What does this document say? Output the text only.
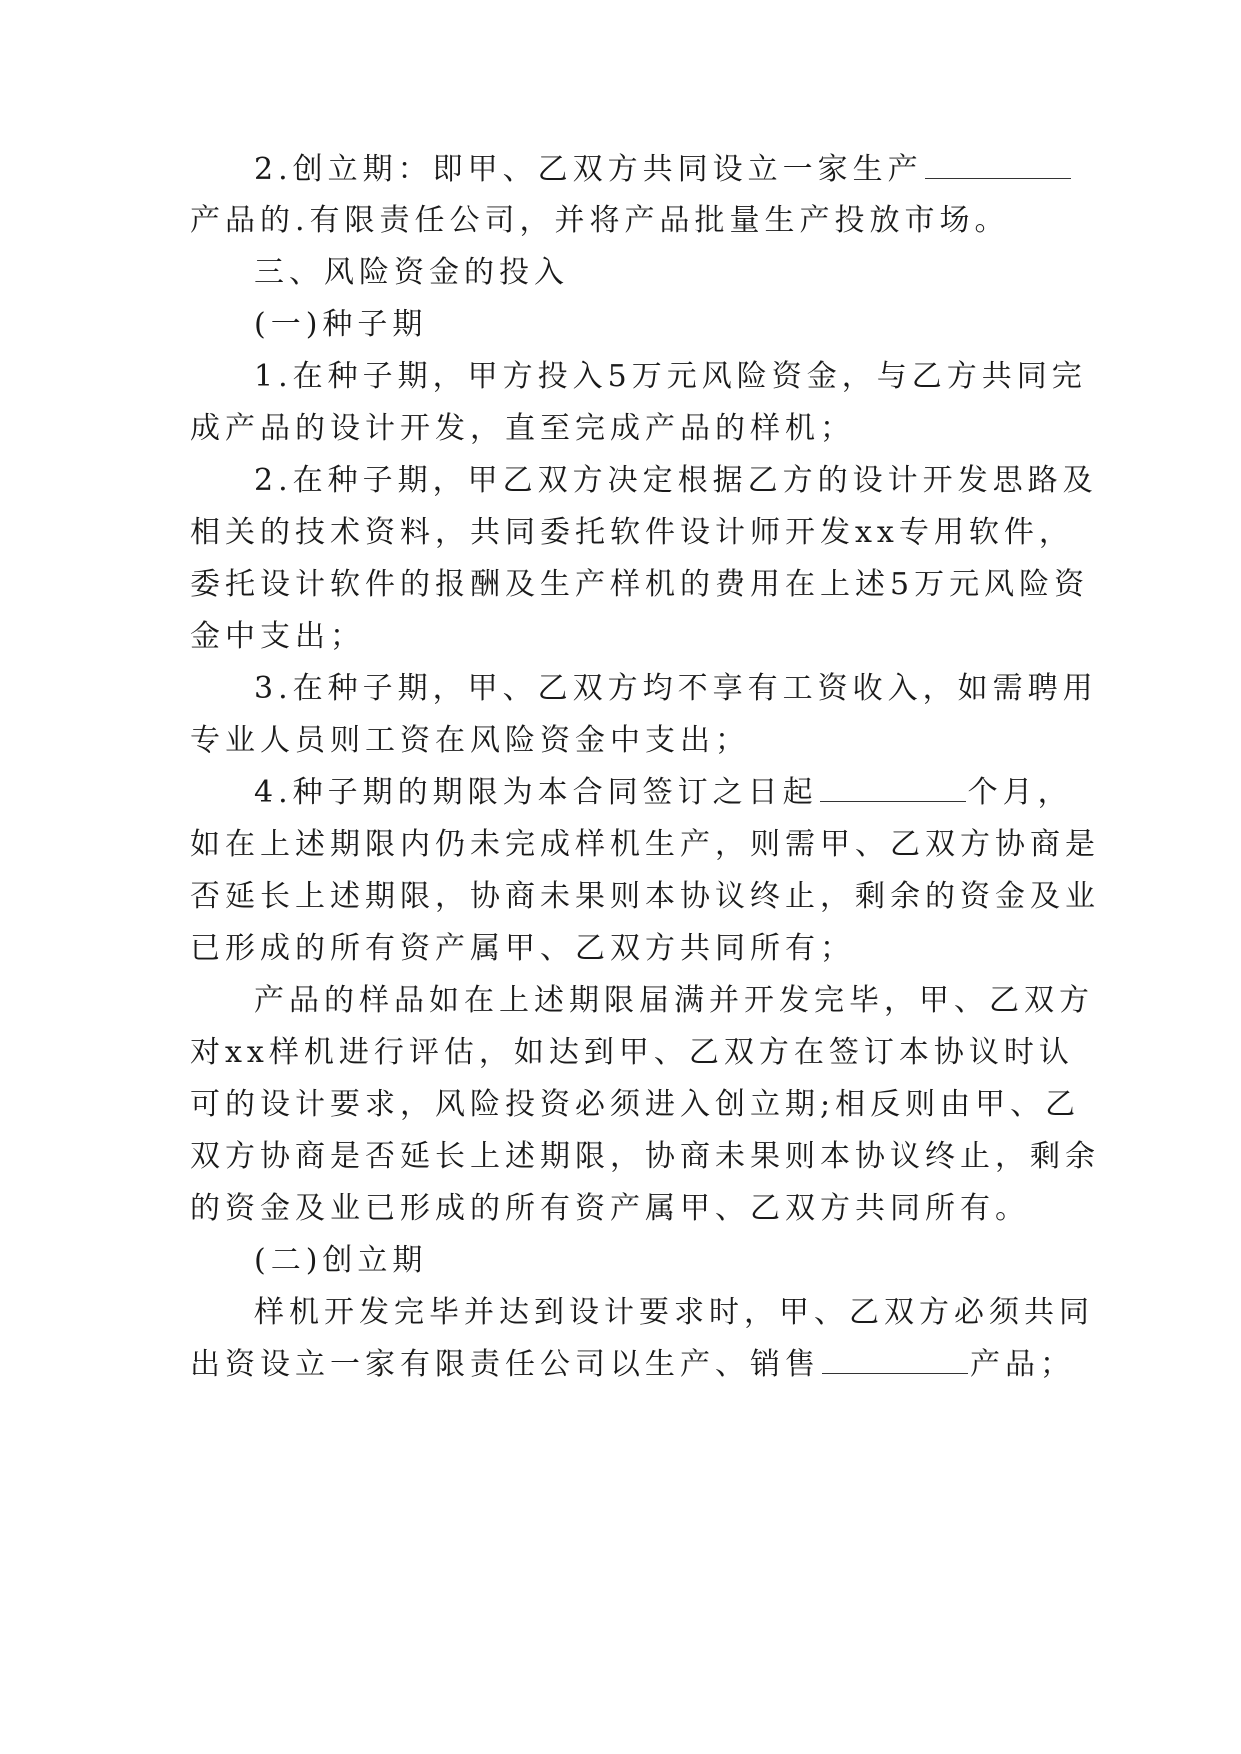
2.创立期：即甲、乙双方共同设立一家生产
产品的.有限责任公司，并将产品批量生产投放市场。
三、风险资金的投入
(一)种子期
1.在种子期，甲方投入5万元风险资金，与乙方共同完
成产品的设计开发，直至完成产品的样机；
2.在种子期，甲乙双方决定根据乙方的设计开发思路及
相关的技术资料，共同委托软件设计师开发xx专用软件，
委托设计软件的报酬及生产样机的费用在上述5万元风险资
金中支出；
3.在种子期，甲、乙双方均不享有工资收入，如需聘用
专业人员则工资在风险资金中支出；
4.种子期的期限为本合同签订之日起	个月，
如在上述期限内仍未完成样机生产，则需甲、乙双方协商是
否延长上述期限，协商未果则本协议终止，剩余的资金及业
已形成的所有资产属甲、乙双方共同所有；
产品的样品如在上述期限届满并开发完毕，甲、乙双方
对xx样机进行评估，如达到甲、乙双方在签订本协议时认
可的设计要求，风险投资必须进入创立期;相反则由甲、乙
双方协商是否延长上述期限，协商未果则本协议终止，剩余
的资金及业已形成的所有资产属甲、乙双方共同所有。
(二)创立期
样机开发完毕并达到设计要求时，甲、乙双方必须共同
出资设立一家有限责任公司以生产、销售	产品；
